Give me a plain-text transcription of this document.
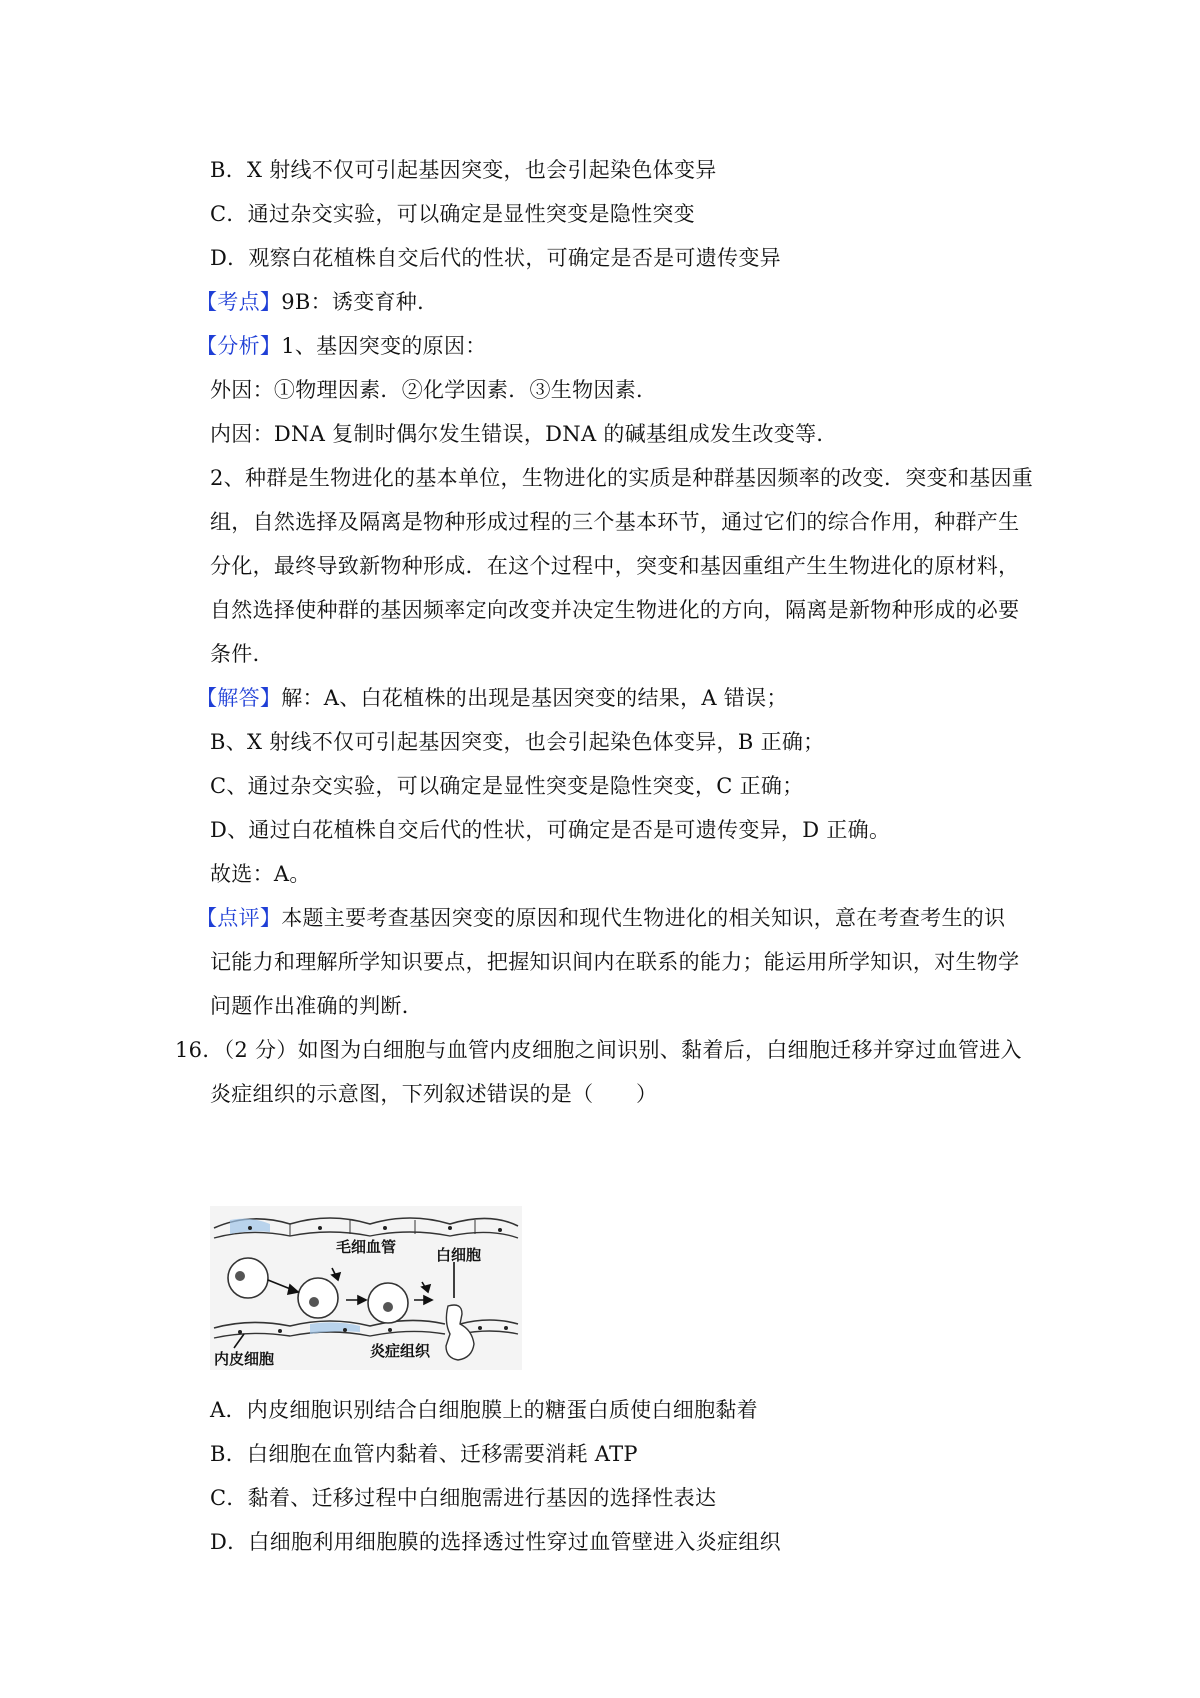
B．X 射线不仅可引起基因突变，也会引起染色体变异
C．通过杂交实验，可以确定是显性突变是隐性突变
D．观察白花植株自交后代的性状，可确定是否是可遗传变异
【考点】9B：诱变育种．
【分析】1、基因突变的原因：
外因：①物理因素．②化学因素．③生物因素．
内因：DNA 复制时偶尔发生错误，DNA 的碱基组成发生改变等．
2、种群是生物进化的基本单位，生物进化的实质是种群基因频率的改变．突变和基因重
组，自然选择及隔离是物种形成过程的三个基本环节，通过它们的综合作用，种群产生
分化，最终导致新物种形成．在这个过程中，突变和基因重组产生生物进化的原材料，
自然选择使种群的基因频率定向改变并决定生物进化的方向，隔离是新物种形成的必要
条件．
【解答】解：A、白花植株的出现是基因突变的结果，A 错误；
B、X 射线不仅可引起基因突变，也会引起染色体变异，B 正确；
C、通过杂交实验，可以确定是显性突变是隐性突变，C 正确；
D、通过白花植株自交后代的性状，可确定是否是可遗传变异，D 正确。
故选：A。
【点评】本题主要考查基因突变的原因和现代生物进化的相关知识，意在考查考生的识
记能力和理解所学知识要点，把握知识间内在联系的能力；能运用所学知识，对生物学
问题作出准确的判断．
16．（2 分）如图为白细胞与血管内皮细胞之间识别、黏着后，白细胞迁移并穿过血管进入
炎症组织的示意图，下列叙述错误的是（　　）
毛细血管	白细胞
内皮细胞	炎症组织
A．内皮细胞识别结合白细胞膜上的糖蛋白质使白细胞黏着
B．白细胞在血管内黏着、迁移需要消耗 ATP
C．黏着、迁移过程中白细胞需进行基因的选择性表达
D．白细胞利用细胞膜的选择透过性穿过血管壁进入炎症组织
